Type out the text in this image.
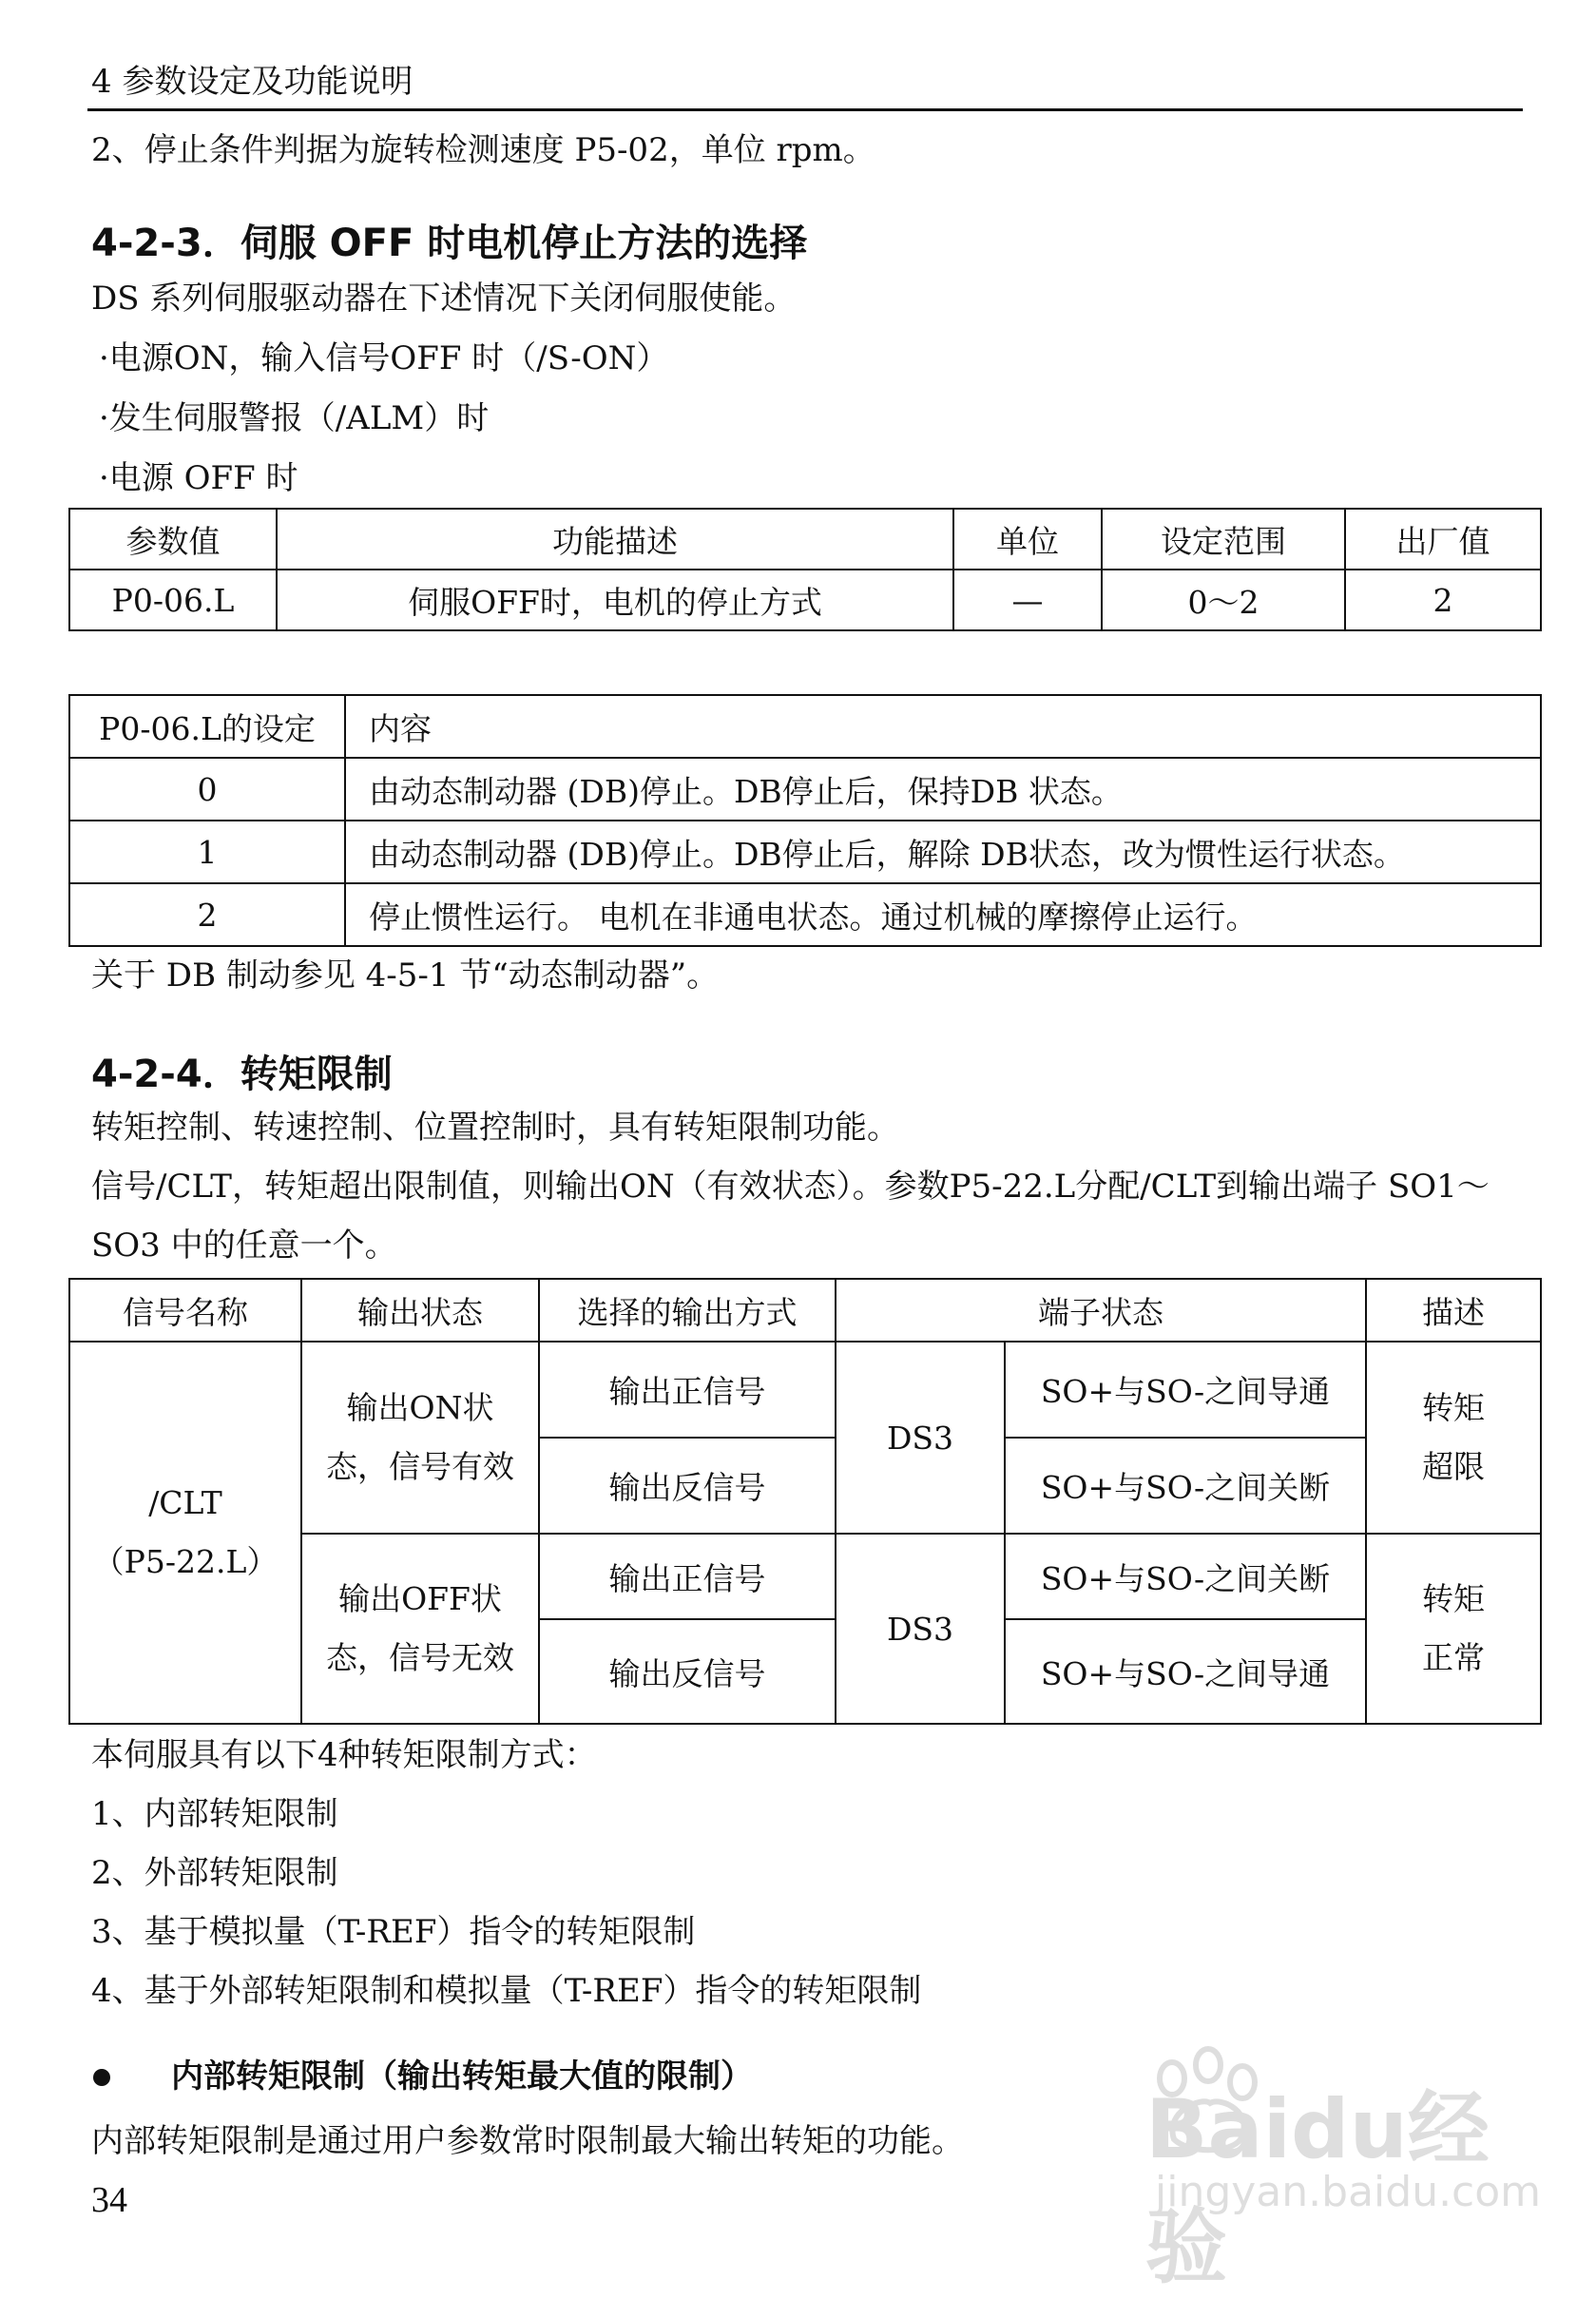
4 参数设定及功能说明
2、停止条件判据为旋转检测速度 P5-02，单位 rpm。
4-2-3．伺服 OFF 时电机停止方法的选择
DS 系列伺服驱动器在下述情况下关闭伺服使能。
·电源ON，输入信号OFF 时（/S-ON）
·发生伺服警报（/ALM）时
·电源 OFF 时
参数值	功能描述	单位	设定范围	出厂值
P0-06.L	伺服OFF时，电机的停止方式	—	0～2	2
P0-06.L的设定	内容
0	由动态制动器 (DB)停止。DB停止后，保持DB 状态。
1	由动态制动器 (DB)停止。DB停止后，解除 DB状态，改为惯性运行状态。
2	停止惯性运行。 电机在非通电状态。通过机械的摩擦停止运行。
关于 DB 制动参见 4-5-1 节“动态制动器”。
4-2-4．转矩限制
转矩控制、转速控制、位置控制时，具有转矩限制功能。
信号/CLT，转矩超出限制值，则输出ON（有效状态）。参数P5-22.L分配/CLT到输出端子 SO1～
SO3 中的任意一个。
信号名称	输出状态	选择的输出方式	端子状态		描述

/CLT
（P5-22.L）	输出ON状态，信号有效	输出正信号	DS3	SO+与SO-之间导通	转矩超限
		输出反信号		SO+与SO-之间关断	
	输出OFF状态，信号无效	输出正信号	DS3	SO+与SO-之间关断	转矩正常
		输出反信号		SO+与SO-之间导通	
本伺服具有以下4种转矩限制方式：
1、内部转矩限制
2、外部转矩限制
3、基于模拟量（T-REF）指令的转矩限制
4、基于外部转矩限制和模拟量（T-REF）指令的转矩限制
内部转矩限制（输出转矩最大值的限制）
内部转矩限制是通过用户参数常时限制最大输出转矩的功能。
34
Baidu经验
jingyan.baidu.com
